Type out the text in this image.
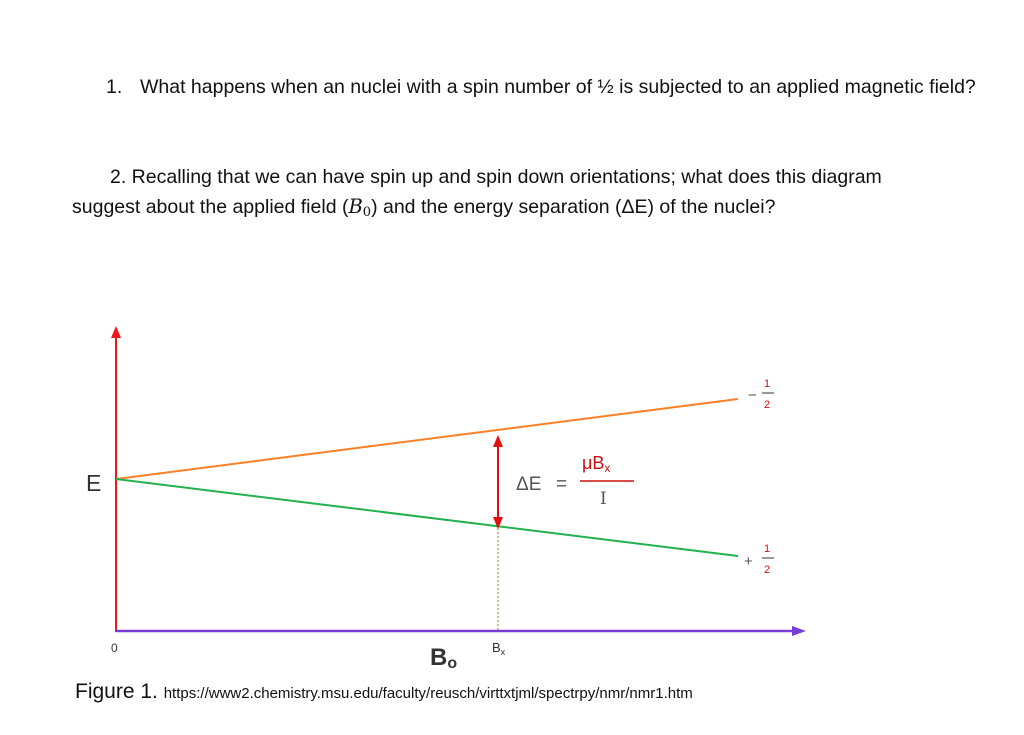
1. What happens when an nuclei with a spin number of ½ is subjected to an applied magnetic field?

2. Recalling that we can have spin up and spin down orientations; what does this diagram suggest about the applied field $(B_0)$ and the energy separation (ΔE) of the nuclei?

E
0	Bo
$B_x$
ΔE =
μBx
I
−
1
2
+
1
2

Figure 1. https://www2.chemistry.msu.edu/faculty/reusch/virttxtjml/spectrpy/nmr/nmr1.htm
